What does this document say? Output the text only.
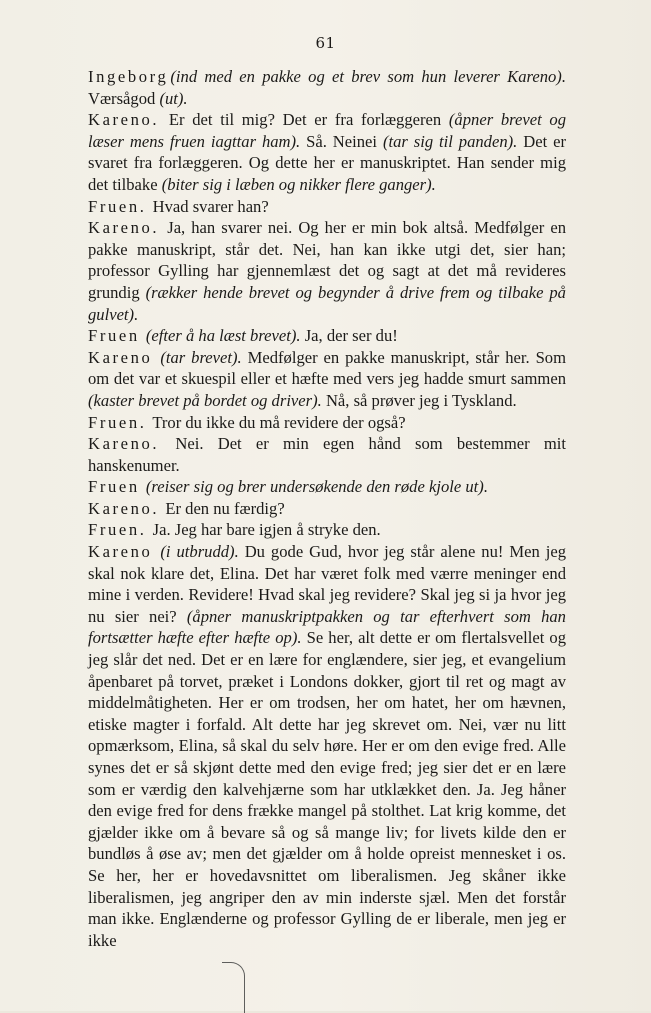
61

Ingeborg (ind med en pakke og et brev som hun leverer Kareno). Værsågod (ut).

Kareno. Er det til mig? Det er fra forlæggeren (åpner brevet og læser mens fruen iagttar ham). Så. Neinei (tar sig til panden). Det er svaret fra forlæggeren. Og dette her er manuskriptet. Han sender mig det tilbake (biter sig i læben og nikker flere ganger).

Fruen. Hvad svarer han?

Kareno. Ja, han svarer nei. Og her er min bok altså. Medfølger en pakke manuskript, står det. Nei, han kan ikke utgi det, sier han; professor Gylling har gjennemlæst det og sagt at det må revideres grundig (rækker hende brevet og begynder å drive frem og tilbake på gulvet).

Fruen (efter å ha læst brevet). Ja, der ser du!

Kareno (tar brevet). Medfølger en pakke manuskript, står her. Som om det var et skuespil eller et hæfte med vers jeg hadde smurt sammen (kaster brevet på bordet og driver). Nå, så prøver jeg i Tyskland.

Fruen. Tror du ikke du må revidere der også?

Kareno. Nei. Det er min egen hånd som bestemmer mit hanskenumer.

Fruen (reiser sig og brer undersøkende den røde kjole ut).

Kareno. Er den nu færdig?

Fruen. Ja. Jeg har bare igjen å stryke den.

Kareno (i utbrudd). Du gode Gud, hvor jeg står alene nu! Men jeg skal nok klare det, Elina. Det har været folk med værre meninger end mine i verden. Revidere! Hvad skal jeg revidere? Skal jeg si ja hvor jeg nu sier nei? (åpner manuskriptpakken og tar efterhvert som han fortsætter hæfte efter hæfte op). Se her, alt dette er om flertalsvellet og jeg slår det ned. Det er en lære for englændere, sier jeg, et evangelium åpenbaret på torvet, præket i Londons dokker, gjort til ret og magt av middelmåtigheten. Her er om trodsen, her om hatet, her om hævnen, etiske magter i forfald. Alt dette har jeg skrevet om. Nei, vær nu litt opmærksom, Elina, så skal du selv høre. Her er om den evige fred. Alle synes det er så skjønt dette med den evige fred; jeg sier det er en lære som er værdig den kalvehjærne som har utklækket den. Ja. Jeg håner den evige fred for dens frække mangel på stolthet. Lat krig komme, det gjælder ikke om å bevare så og så mange liv; for livets kilde den er bundløs å øse av; men det gjælder om å holde opreist mennesket i os. Se her, her er hovedavsnittet om liberalismen. Jeg skåner ikke liberalismen, jeg angriper den av min inderste sjæl. Men det forstår man ikke. Englænderne og professor Gylling de er liberale, men jeg er ikke
